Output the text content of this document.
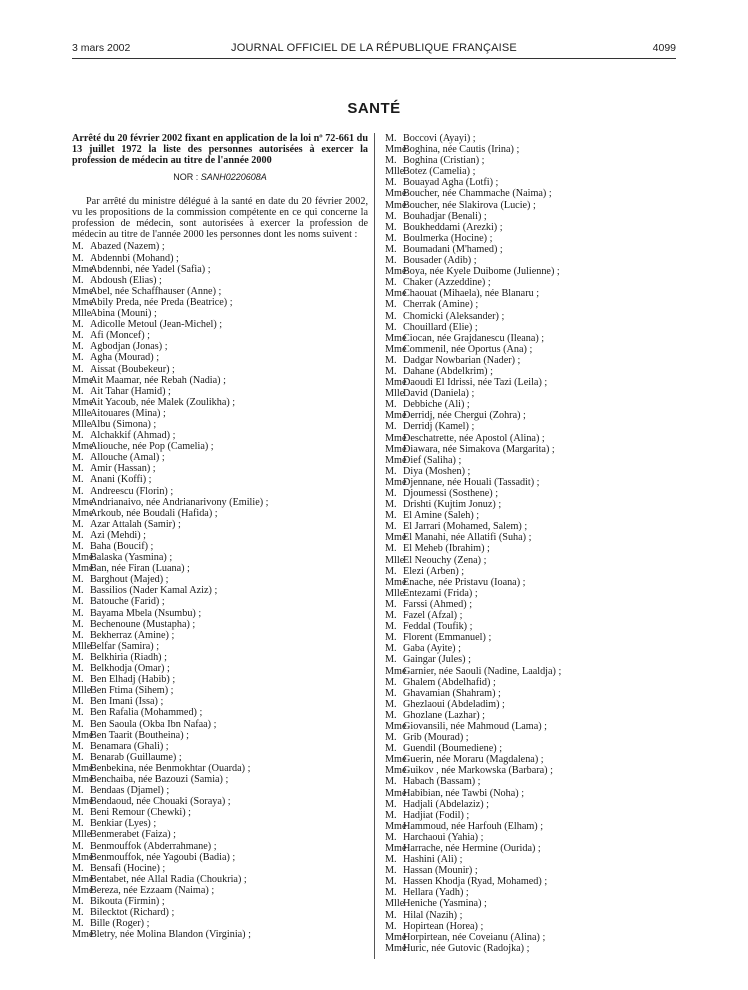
3 mars 2002	JOURNAL OFFICIEL DE LA RÉPUBLIQUE FRANÇAISE	4099
SANTÉ
Arrêté du 20 février 2002 fixant en application de la loi nº 72-661 du 13 juillet 1972 la liste des personnes autorisées à exercer la profession de médecin au titre de l'année 2000
NOR : SANH0220608A
Par arrêté du ministre délégué à la santé en date du 20 février 2002, vu les propositions de la commission compétente en ce qui concerne la profession de médecin, sont autorisées à exercer la profession de médecin au titre de l'année 2000 les personnes dont les noms suivent :
M. Abazed (Nazem) ;
M. Abdennbi (Mohand) ;
MmeAbdennbi, née Yadel (Safia) ;
M. Abdoush (Elias) ;
MmeAbel, née Schaffhauser (Anne) ;
MmeAbily Preda, née Preda (Beatrice) ;
MlleAbina (Mouni) ;
M. Adicolle Metoul (Jean-Michel) ;
M. Afi (Moncef) ;
M. Agbodjan (Jonas) ;
M. Agha (Mourad) ;
M. Aissat (Boubekeur) ;
MmeAit Maamar, née Rebah (Nadia) ;
M. Ait Tahar (Hamid) ;
MmeAit Yacoub, née Malek (Zoulikha) ;
MlleAitouares (Mina) ;
MlleAlbu (Simona) ;
M. Alchakkif (Ahmad) ;
MmeAliouche, née Pop (Camelia) ;
M. Allouche (Amal) ;
M. Amir (Hassan) ;
M. Anani (Koffi) ;
M. Andreescu (Florin) ;
MmeAndrianaivo, née Andrianarivony (Emilie) ;
MmeArkoub, née Boudali (Hafida) ;
M. Azar Attalah (Samir) ;
M. Azi (Mehdi) ;
M. Baha (Boucif) ;
MmeBalaska (Yasmina) ;
MmeBan, née Firan (Luana) ;
M. Barghout (Majed) ;
M. Bassilios (Nader Kamal Aziz) ;
M. Batouche (Farid) ;
M. Bayama Mbela (Nsumbu) ;
M. Bechenoune (Mustapha) ;
M. Bekherraz (Amine) ;
MlleBelfar (Samira) ;
M. Belkhiria (Riadh) ;
M. Belkhodja (Omar) ;
M. Ben Elhadj (Habib) ;
MlleBen Ftima (Sihem) ;
M. Ben Imani (Issa) ;
M. Ben Rafalia (Mohammed) ;
M. Ben Saoula (Okba Ibn Nafaa) ;
MmeBen Taarit (Boutheina) ;
M. Benamara (Ghali) ;
M. Benarab (Guillaume) ;
MmeBenbekina, née Benmokhtar (Ouarda) ;
MmeBenchaiba, née Bazouzi (Samia) ;
M. Bendaas (Djamel) ;
MmeBendaoud, née Chouaki (Soraya) ;
M. Beni Remour (Chewki) ;
M. Benkiar (Lyes) ;
MlleBenmerabet (Faiza) ;
M. Benmouffok (Abderrahmane) ;
MmeBenmouffok, née Yagoubi (Badia) ;
M. Bensafi (Hocine) ;
MmeBentabet, née Allal Radia (Choukria) ;
MmeBereza, née Ezzaam (Naima) ;
M. Bikouta (Firmin) ;
M. Bilecktot (Richard) ;
M. Bille (Roger) ;
MmeBletry, née Molina Blandon (Virginia) ;
M. Boccovi (Ayayi) ;
MmeBoghina, née Cautis (Irina) ;
M. Boghina (Cristian) ;
MlleBotez (Camelia) ;
M. Bouayad Agha (Lotfi) ;
MmeBoucher, née Chammache (Naima) ;
MmeBoucher, née Slakirova (Lucie) ;
M. Bouhadjar (Benali) ;
M. Boukheddami (Arezki) ;
M. Boulmerka (Hocine) ;
M. Boumadani (M'hamed) ;
M. Bousader (Adib) ;
MmeBoya, née Kyele Duibome (Julienne) ;
M. Chaker (Azzeddine) ;
MmeChaouat (Mihaela), née Blanaru ;
M. Cherrak (Amine) ;
M. Chomicki (Aleksander) ;
M. Chouillard (Elie) ;
MmeCiocan, née Grajdanescu (Ileana) ;
MmeCommenil, née Oportus (Ana) ;
M. Dadgar Nowbarian (Nader) ;
M. Dahane (Abdelkrim) ;
MmeDaoudi El Idrissi, née Tazi (Leila) ;
MlleDavid (Daniela) ;
M. Debbiche (Ali) ;
MmeDerridj, née Chergui (Zohra) ;
M. Derridj (Kamel) ;
MmeDeschatrette, née Apostol (Alina) ;
MmeDiawara, née Simakova (Margarita) ;
MmeDief (Saliha) ;
M. Diya (Moshen) ;
MmeDjennane, née Houali (Tassadit) ;
M. Djoumessi (Sosthene) ;
M. Drishti (Kujtim Jonuz) ;
M. El Amine (Saleh) ;
M. El Jarrari (Mohamed, Salem) ;
MmeEl Manahi, née Allatifi (Suha) ;
M. El Meheb (Ibrahim) ;
MlleEl Neouchy (Zena) ;
M. Elezi (Arben) ;
MmeEnache, née Pristavu (Ioana) ;
MlleEntezami (Frida) ;
M. Farssi (Ahmed) ;
M. Fazel (Afzal) ;
M. Feddal (Toufik) ;
M. Florent (Emmanuel) ;
M. Gaba (Ayite) ;
M. Gaingar (Jules) ;
MmeGarnier, née Saouli (Nadine, Laaldja) ;
M. Ghalem (Abdelhafid) ;
M. Ghavamian (Shahram) ;
M. Ghezlaoui (Abdeladim) ;
M. Ghozlane (Lazhar) ;
MmeGiovansili, née Mahmoud (Lama) ;
M. Grib (Mourad) ;
M. Guendil (Boumediene) ;
MmeGuerin, née Moraru (Magdalena) ;
MmeGuikov , née Markowska (Barbara) ;
M. Habach (Bassam) ;
MmeHabibian, née Tawbi (Noha) ;
M. Hadjali (Abdelaziz) ;
M. Hadjiat (Fodil) ;
MmeHammoud, née Harfouh (Elham) ;
M. Harchaoui (Yahia) ;
MmeHarrache, née Hermine (Ourida) ;
M. Hashini (Ali) ;
M. Hassan (Mounir) ;
M. Hassen Khodja (Ryad, Mohamed) ;
M. Hellara (Yadh) ;
MlleHeniche (Yasmina) ;
M. Hilal (Nazih) ;
M. Hopirtean (Horea) ;
MmeHorpirtean, née Coveianu (Alina) ;
MmeHuric, née Gutovic (Radojka) ;
